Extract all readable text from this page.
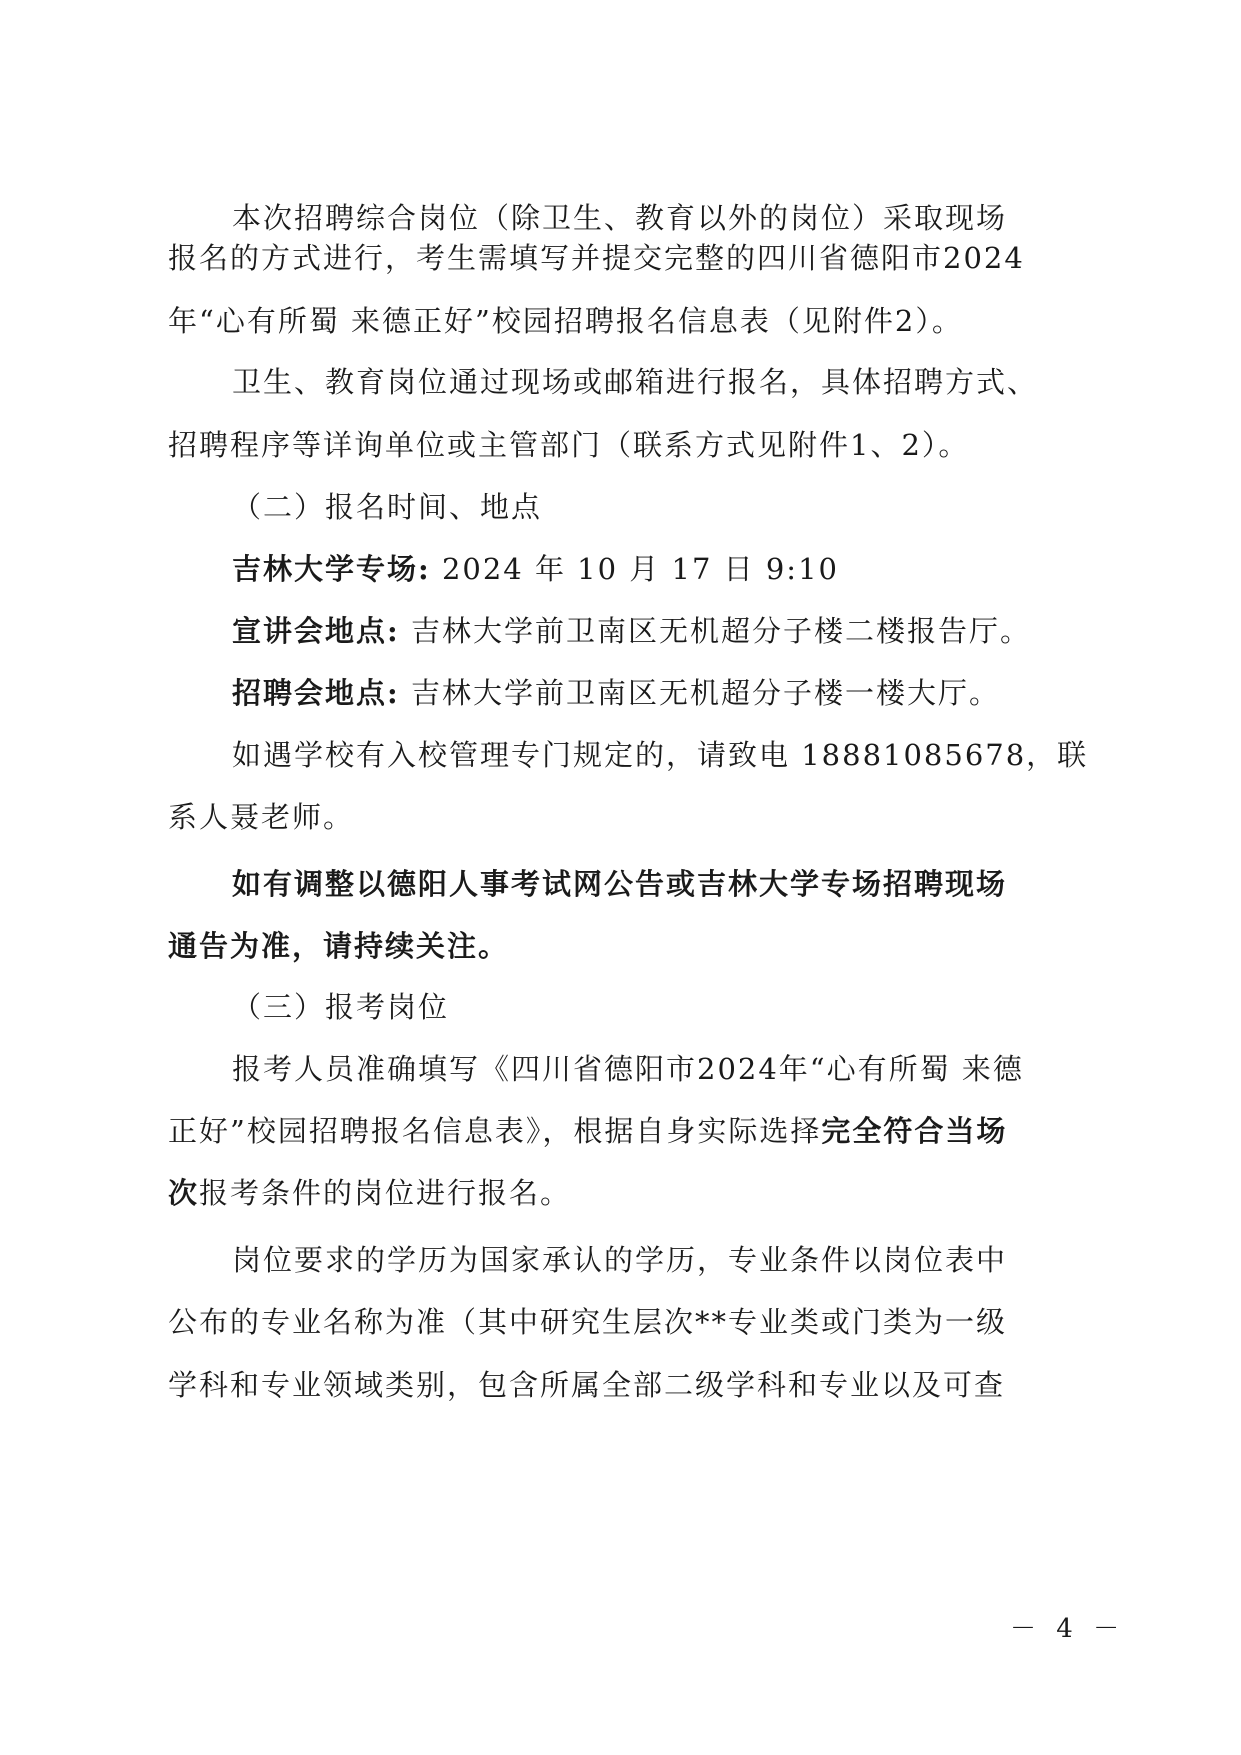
本次招聘综合岗位（除卫生、教育以外的岗位）采取现场
报名的方式进行，考生需填写并提交完整的四川省德阳市2024
年“心有所蜀 来德正好”校园招聘报名信息表（见附件2）。
卫生、教育岗位通过现场或邮箱进行报名，具体招聘方式、
招聘程序等详询单位或主管部门（联系方式见附件1、2）。
（二）报名时间、地点
吉林大学专场: 2024 年 10 月 17 日 9:10
宣讲会地点: 吉林大学前卫南区无机超分子楼二楼报告厅。
招聘会地点: 吉林大学前卫南区无机超分子楼一楼大厅。
如遇学校有入校管理专门规定的，请致电 18881085678，联
系人聂老师。
如有调整以德阳人事考试网公告或吉林大学专场招聘现场
通告为准，请持续关注。
（三）报考岗位
报考人员准确填写《四川省德阳市2024年“心有所蜀 来德
正好”校园招聘报名信息表》，根据自身实际选择完全符合当场
次报考条件的岗位进行报名。
岗位要求的学历为国家承认的学历，专业条件以岗位表中
公布的专业名称为准（其中研究生层次**专业类或门类为一级
学科和专业领域类别，包含所属全部二级学科和专业以及可查
－ 4 －
